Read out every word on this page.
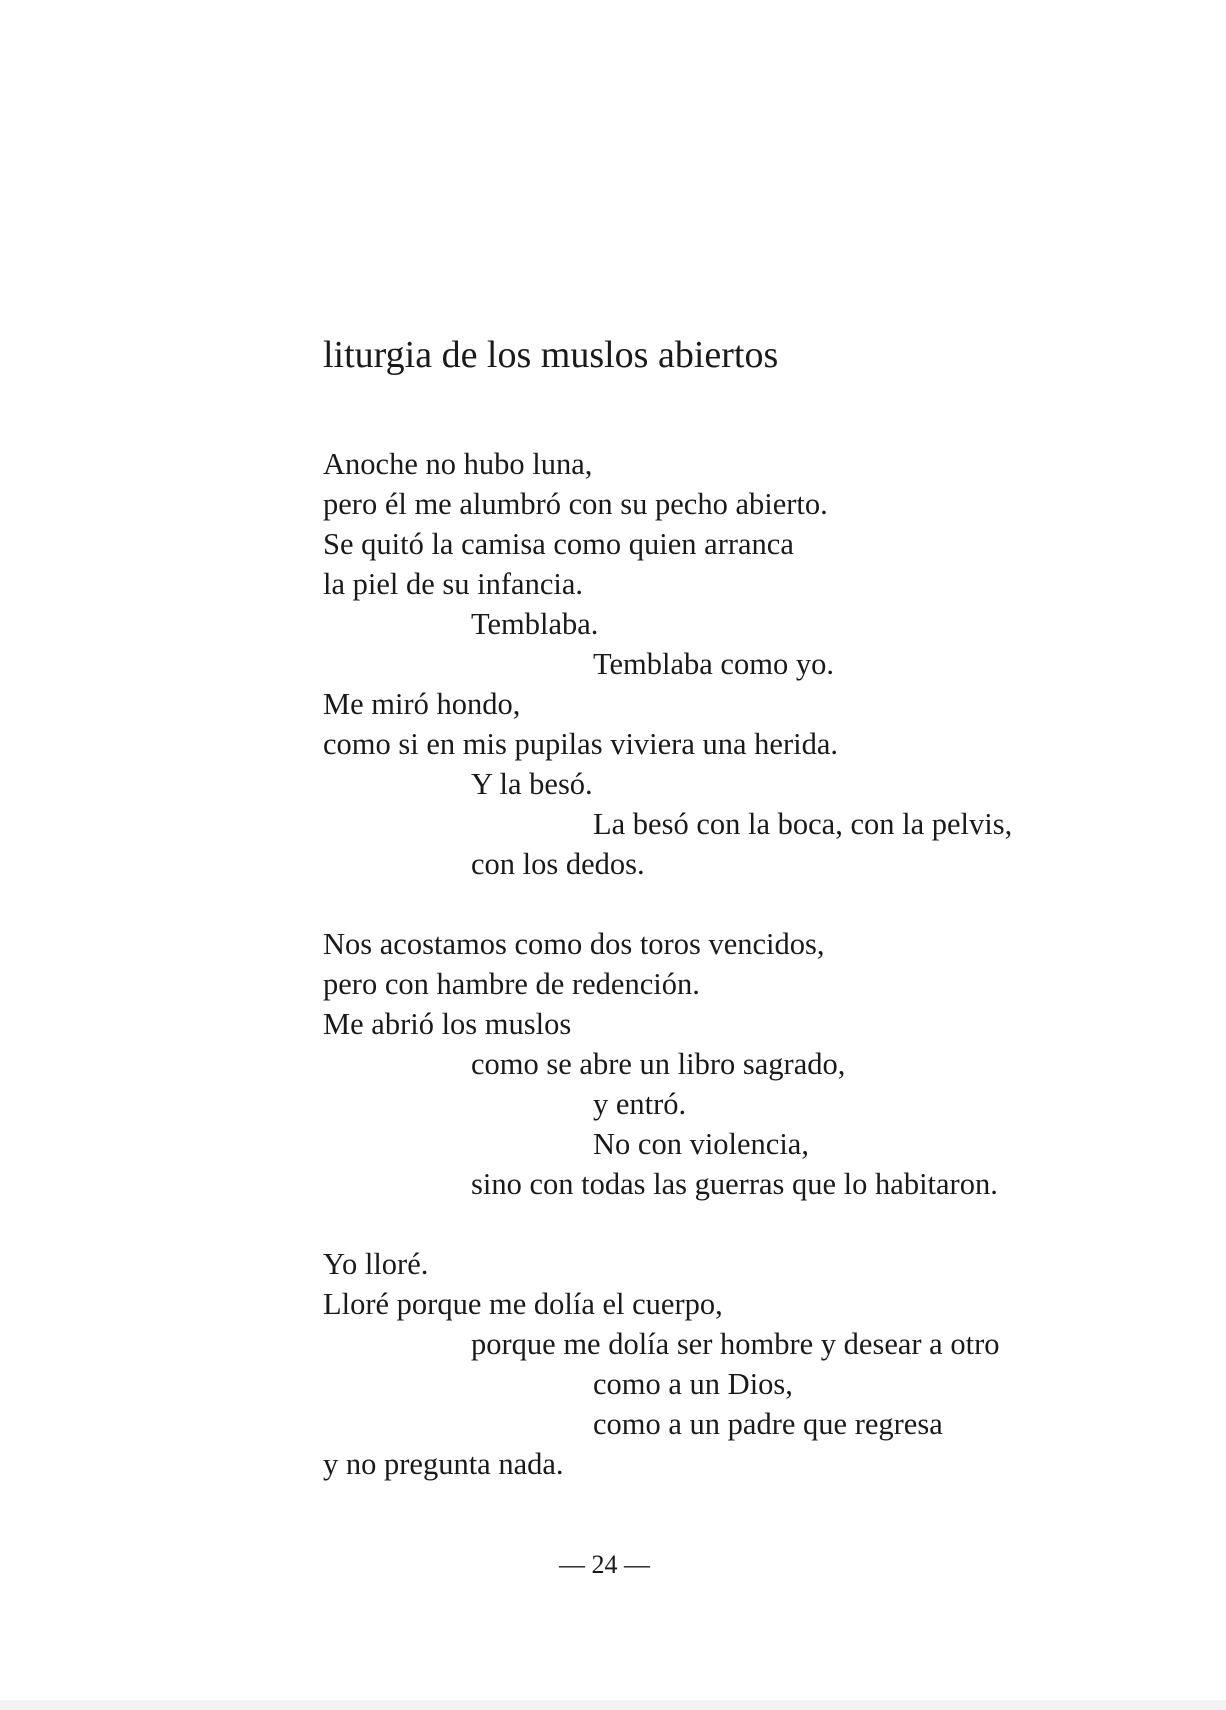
liturgia de los muslos abiertos
Anoche no hubo luna,
pero él me alumbró con su pecho abierto.
Se quitó la camisa como quien arranca
la piel de su infancia.
Temblaba.
Temblaba como yo.
Me miró hondo,
como si en mis pupilas viviera una herida.
Y la besó.
La besó con la boca, con la pelvis,
con los dedos.
Nos acostamos como dos toros vencidos,
pero con hambre de redención.
Me abrió los muslos
como se abre un libro sagrado,
y entró.
No con violencia,
sino con todas las guerras que lo habitaron.
Yo lloré.
Lloré porque me dolía el cuerpo,
porque me dolía ser hombre y desear a otro
como a un Dios,
como a un padre que regresa
y no pregunta nada.
— 24 —
